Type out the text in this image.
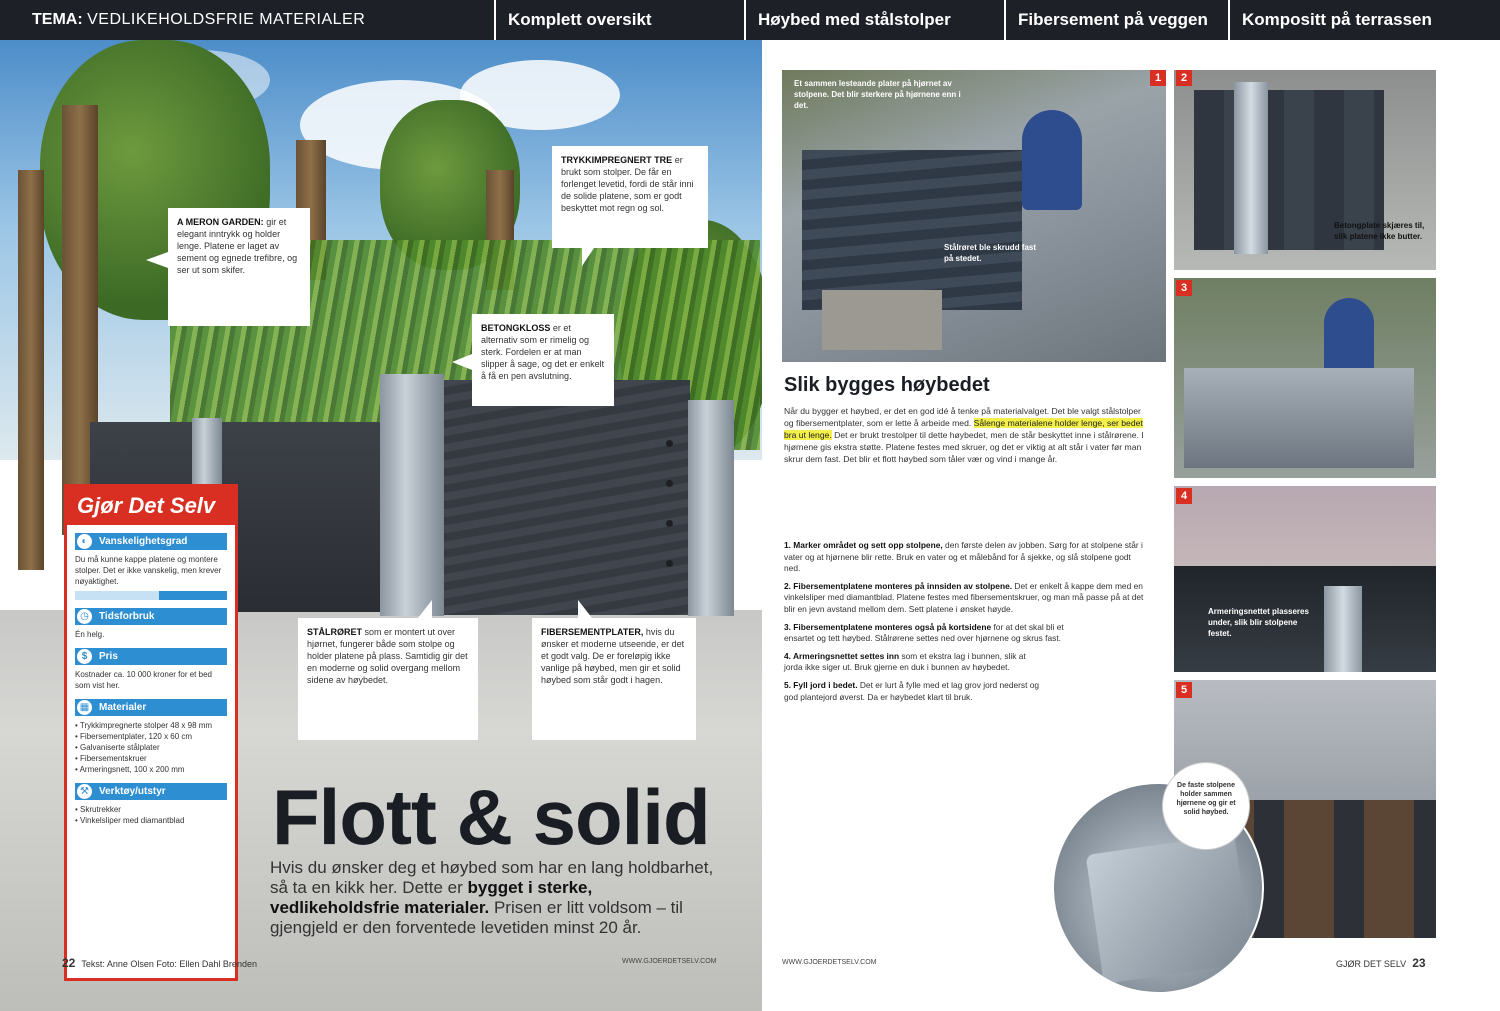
TEMA:
VEDLIKEHOLDSFRIE MATERIALER	Komplett oversikt	Høybed med stålstolper	Fibersement på veggen	Kompositt på terrassen
A MERON GARDEN: gir et elegant inntrykk og holder lenge. Platene er laget av sement og egnede trefibre, og ser ut som skifer.
TRYKKIMPREGNERT TRE er brukt som stolper. De får en forlenget levetid, fordi de står inni de solide platene, som er godt beskyttet mot regn og sol.
BETONGKLOSS er et alternativ som er rimelig og sterk. Fordelen er at man slipper å sage, og det er enkelt å få en pen avslutning.
STÅLRØRET som er montert ut over hjørnet, fungerer både som stolpe og holder platene på plass. Samtidig gir det en moderne og solid overgang mellom sidene av høybedet.
FIBERSEMENTPLATER, hvis du ønsker et moderne utseende, er det et godt valg. De er foreløpig ikke vanlige på høybed, men gir et solid høybed som står godt i hagen.
Gjør Det Selv
◐	Vanskelighetsgrad
Du må kunne kappe platene og montere stolper. Det er ikke vanskelig, men krever nøyaktighet.
◷	Tidsforbruk
Én helg.
$	Pris
Kostnader ca. 10 000 kroner for et bed som vist her.
▦ Materialer
• Trykkimpregnerte stolper 48 x 98 mm
• Fibersementplater, 120 x 60 cm
• Galvaniserte stålplater
• Fibersementskruer
• Armeringsnett, 100 x 200 mm
⚒	Verktøy/utstyr
• Skrutrekker
• Vinkelsliper med diamantblad	Flott & solid
Hvis du ønsker deg et høybed som har en lang holdbarhet, så ta en kikk her. Dette er bygget i sterke, vedlikeholdsfrie materialer. Prisen er litt voldsom – til gjengjeld er den forventede levetiden minst 20 år.
22 Tekst: Anne Olsen Foto: Ellen Dahl Brenden	WWW.GJOERDETSELV.COM
Et sammen lesteande plater på hjørnet av stolpene. Det blir sterkere på hjørnene enn i det.
Stålrøret ble skrudd fast på stedet.
1
Betongplate skjæres til, slik platene ikke butter.
2
3
Armeringsnettet plasseres under, slik blir stolpene festet.
4
5
Slik bygges høybedet
Når du bygger et høybed, er det en god idé å tenke på materialvalget. Det ble valgt stålstolper og fibersementplater, som er lette å arbeide med. Sålenge materialene holder lenge, ser bedet bra ut lenge. Det er brukt trestolper til dette høybedet, men de står beskyttet inne i stålrørene. I hjørnene gis ekstra støtte. Platene festes med skruer, og det er viktig at alt står i vater før man skrur dem fast. Det blir et flott høybed som tåler vær og vind i mange år.

1. Marker området og sett opp stolpene, den første delen av jobben. Sørg for at stolpene står i vater og at hjørnene blir rette. Bruk en vater og et målebånd for å sjekke, og slå stolpene godt ned.

2. Fibersementplatene monteres på innsiden av stolpene. Det er enkelt å kappe dem med en vinkelsliper med diamantblad. Platene festes med fibersementskruer, og man må passe på at det blir en jevn avstand mellom dem. Sett platene i ønsket høyde.

3. Fibersementplatene monteres også på kortsidene for at det skal bli et ensartet og tett høybed. Stålrørene settes ned over hjørnene og skrus fast.

4. Armeringsnettet settes inn som et ekstra lag i bunnen, slik at jorda ikke siger ut. Bruk gjerne en duk i bunnen av høybedet.

5. Fyll jord i bedet. Det er lurt å fylle med et lag grov jord nederst og god plantejord øverst. Da er høybedet klart til bruk.

De faste stolpene holder sammen hjørnene og gir et solid høybed.
WWW.GJOERDETSELV.COM	GJØR DET SELV 23
